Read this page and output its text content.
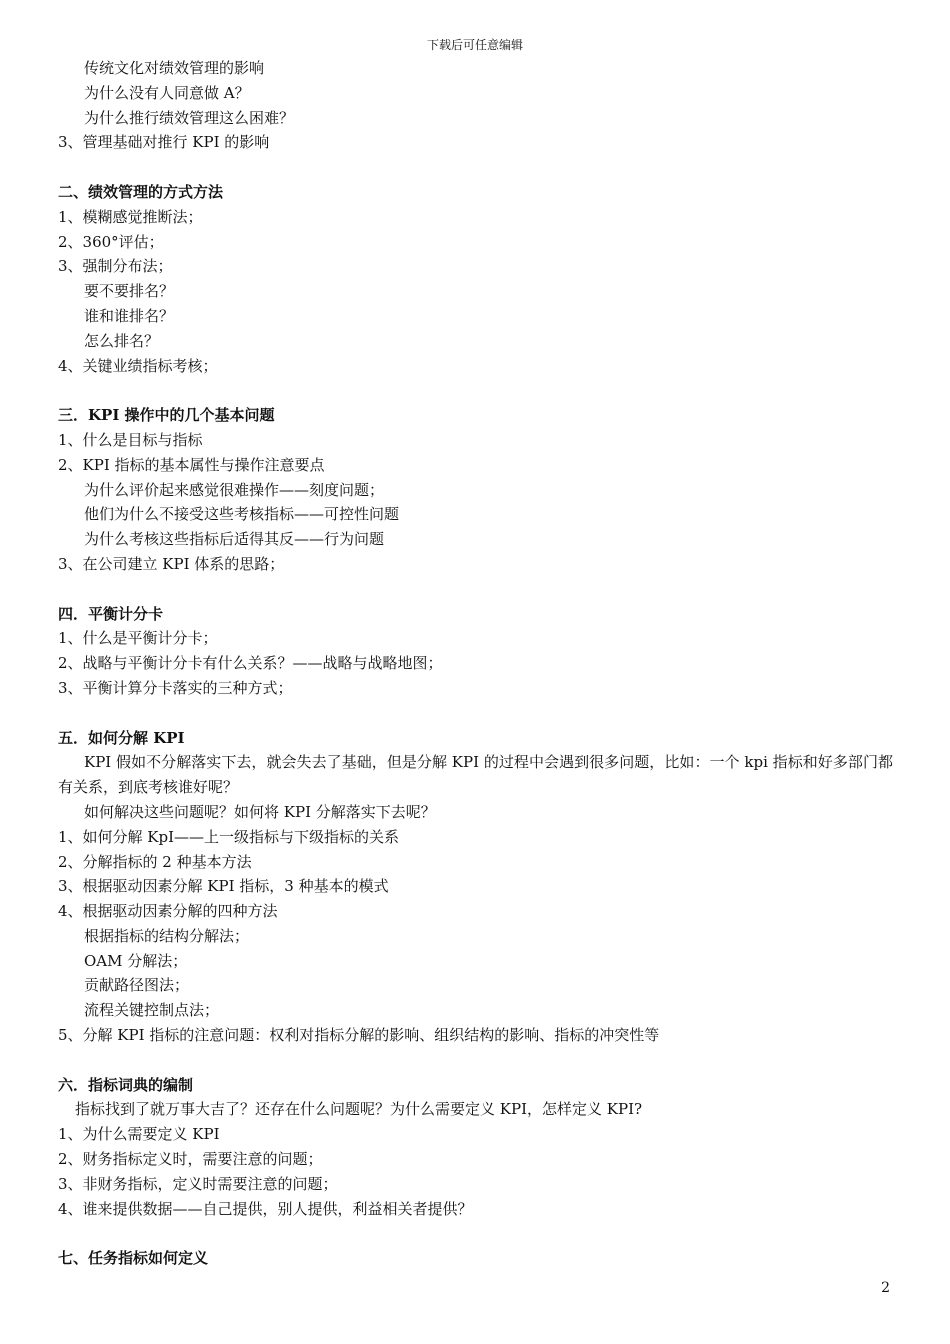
下载后可任意编辑
传统文化对绩效管理的影响
为什么没有人同意做 A？
为什么推行绩效管理这么困难？
3、管理基础对推行 KPI 的影响
二、绩效管理的方式方法
1、模糊感觉推断法；
2、360°评估；
3、强制分布法；
要不要排名？
谁和谁排名？
怎么排名？
4、关键业绩指标考核；
三．KPI 操作中的几个基本问题
1、什么是目标与指标
2、KPI 指标的基本属性与操作注意要点
为什么评价起来感觉很难操作——刻度问题；
他们为什么不接受这些考核指标——可控性问题
为什么考核这些指标后适得其反——行为问题
3、在公司建立 KPI 体系的思路；
四．平衡计分卡
1、什么是平衡计分卡；
2、战略与平衡计分卡有什么关系？——战略与战略地图；
3、平衡计算分卡落实的三种方式；
五．如何分解 KPI
KPI 假如不分解落实下去，就会失去了基础，但是分解 KPI 的过程中会遇到很多问题，比如：一个 kpi 指标和好多部门都有关系，到底考核谁好呢？
如何解决这些问题呢？如何将 KPI 分解落实下去呢？
1、如何分解 KpI——上一级指标与下级指标的关系
2、分解指标的 2 种基本方法
3、根据驱动因素分解 KPI 指标，3 种基本的模式
4、根据驱动因素分解的四种方法
根据指标的结构分解法；
OAM 分解法；
贡献路径图法；
流程关键控制点法；
5、分解 KPI 指标的注意问题：权利对指标分解的影响、组织结构的影响、指标的冲突性等
六．指标词典的编制
指标找到了就万事大吉了？还存在什么问题呢？为什么需要定义 KPI，怎样定义 KPI?
1、为什么需要定义 KPI
2、财务指标定义时，需要注意的问题；
3、非财务指标，定义时需要注意的问题；
4、谁来提供数据——自己提供，别人提供，利益相关者提供？
七、任务指标如何定义
2
